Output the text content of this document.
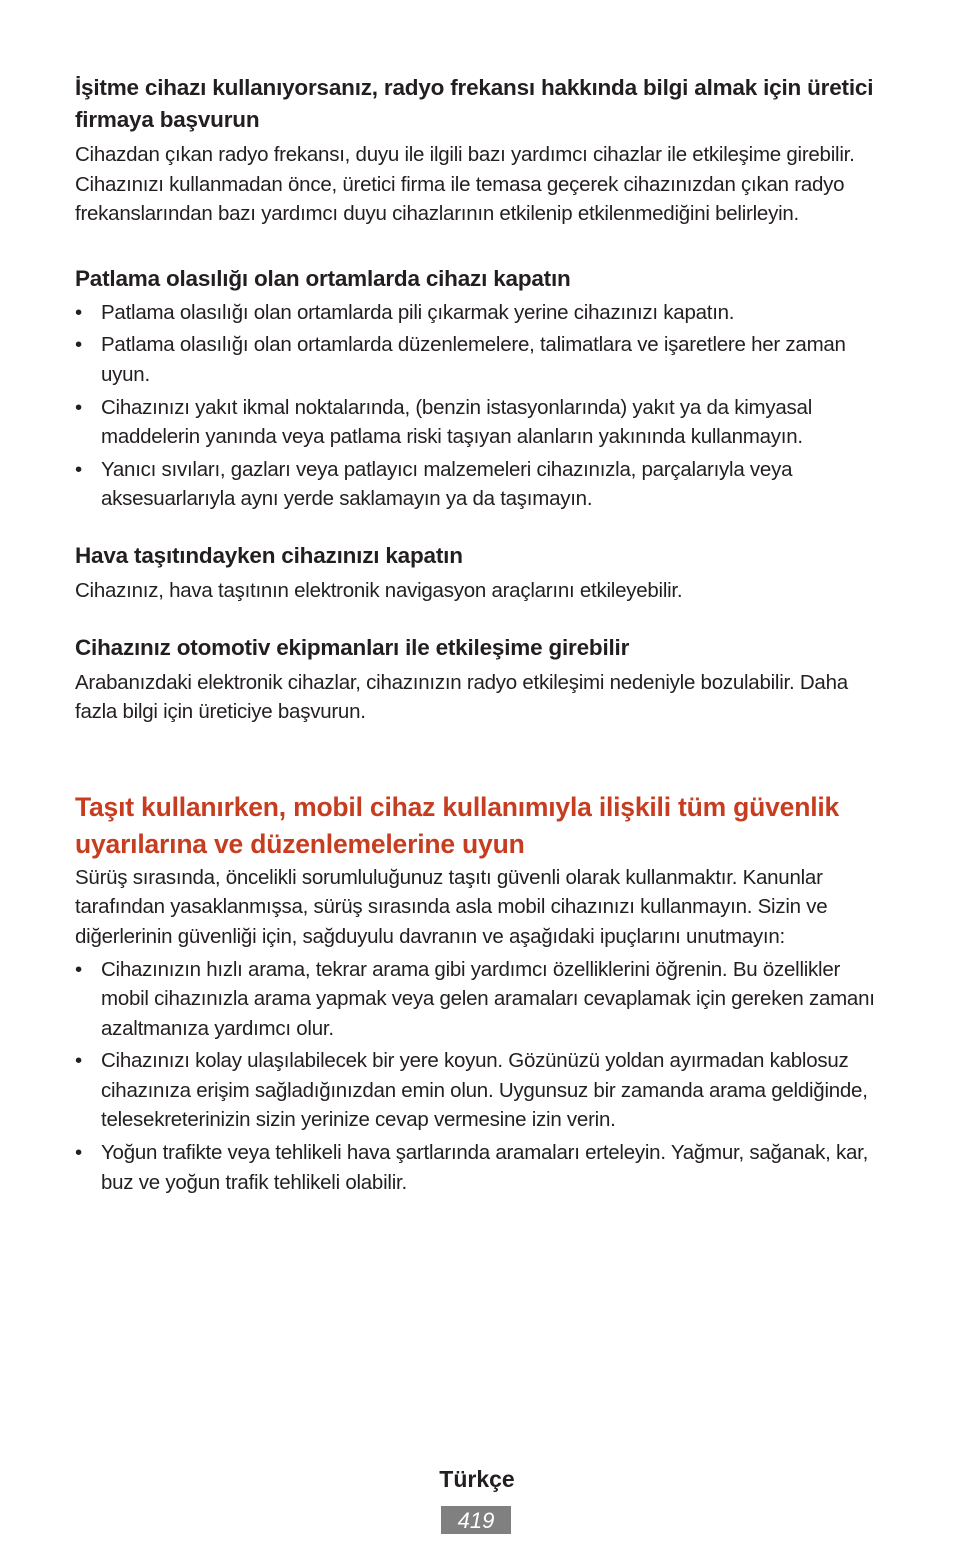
İşitme cihazı kullanıyorsanız, radyo frekansı hakkında bilgi almak için üretici firmaya başvurun

Cihazdan çıkan radyo frekansı, duyu ile ilgili bazı yardımcı cihazlar ile etkileşime girebilir. Cihazınızı kullanmadan önce, üretici firma ile temasa geçerek cihazınızdan çıkan radyo frekanslarından bazı yardımcı duyu cihazlarının etkilenip etkilenmediğini belirleyin.

Patlama olasılığı olan ortamlarda cihazı kapatın
• Patlama olasılığı olan ortamlarda pili çıkarmak yerine cihazınızı kapatın.
• Patlama olasılığı olan ortamlarda düzenlemelere, talimatlara ve işaretlere her zaman uyun.
• Cihazınızı yakıt ikmal noktalarında, (benzin istasyonlarında) yakıt ya da kimyasal maddelerin yanında veya patlama riski taşıyan alanların yakınında kullanmayın.
• Yanıcı sıvıları, gazları veya patlayıcı malzemeleri cihazınızla, parçalarıyla veya aksesuarlarıyla aynı yerde saklamayın ya da taşımayın.
Hava taşıtındayken cihazınızı kapatın

Cihazınız, hava taşıtının elektronik navigasyon araçlarını etkileyebilir.

Cihazınız otomotiv ekipmanları ile etkileşime girebilir

Arabanızdaki elektronik cihazlar, cihazınızın radyo etkileşimi nedeniyle bozulabilir. Daha fazla bilgi için üreticiye başvurun.

Taşıt kullanırken, mobil cihaz kullanımıyla ilişkili tüm güvenlik uyarılarına ve düzenlemelerine uyun

Sürüş sırasında, öncelikli sorumluluğunuz taşıtı güvenli olarak kullanmaktır. Kanunlar tarafından yasaklanmışsa, sürüş sırasında asla mobil cihazınızı kullanmayın. Sizin ve diğerlerinin güvenliği için, sağduyulu davranın ve aşağıdaki ipuçlarını unutmayın:

• Cihazınızın hızlı arama, tekrar arama gibi yardımcı özelliklerini öğrenin. Bu özellikler mobil cihazınızla arama yapmak veya gelen aramaları cevaplamak için gereken zamanı azaltmanıza yardımcı olur.
• Cihazınızı kolay ulaşılabilecek bir yere koyun. Gözünüzü yoldan ayırmadan kablosuz cihazınıza erişim sağladığınızdan emin olun. Uygunsuz bir zamanda arama geldiğinde, telesekreterinizin sizin yerinize cevap vermesine izin verin.
• Yoğun trafikte veya tehlikeli hava şartlarında aramaları erteleyin. Yağmur, sağanak, kar, buz ve yoğun trafik tehlikeli olabilir.
Türkçe
419
